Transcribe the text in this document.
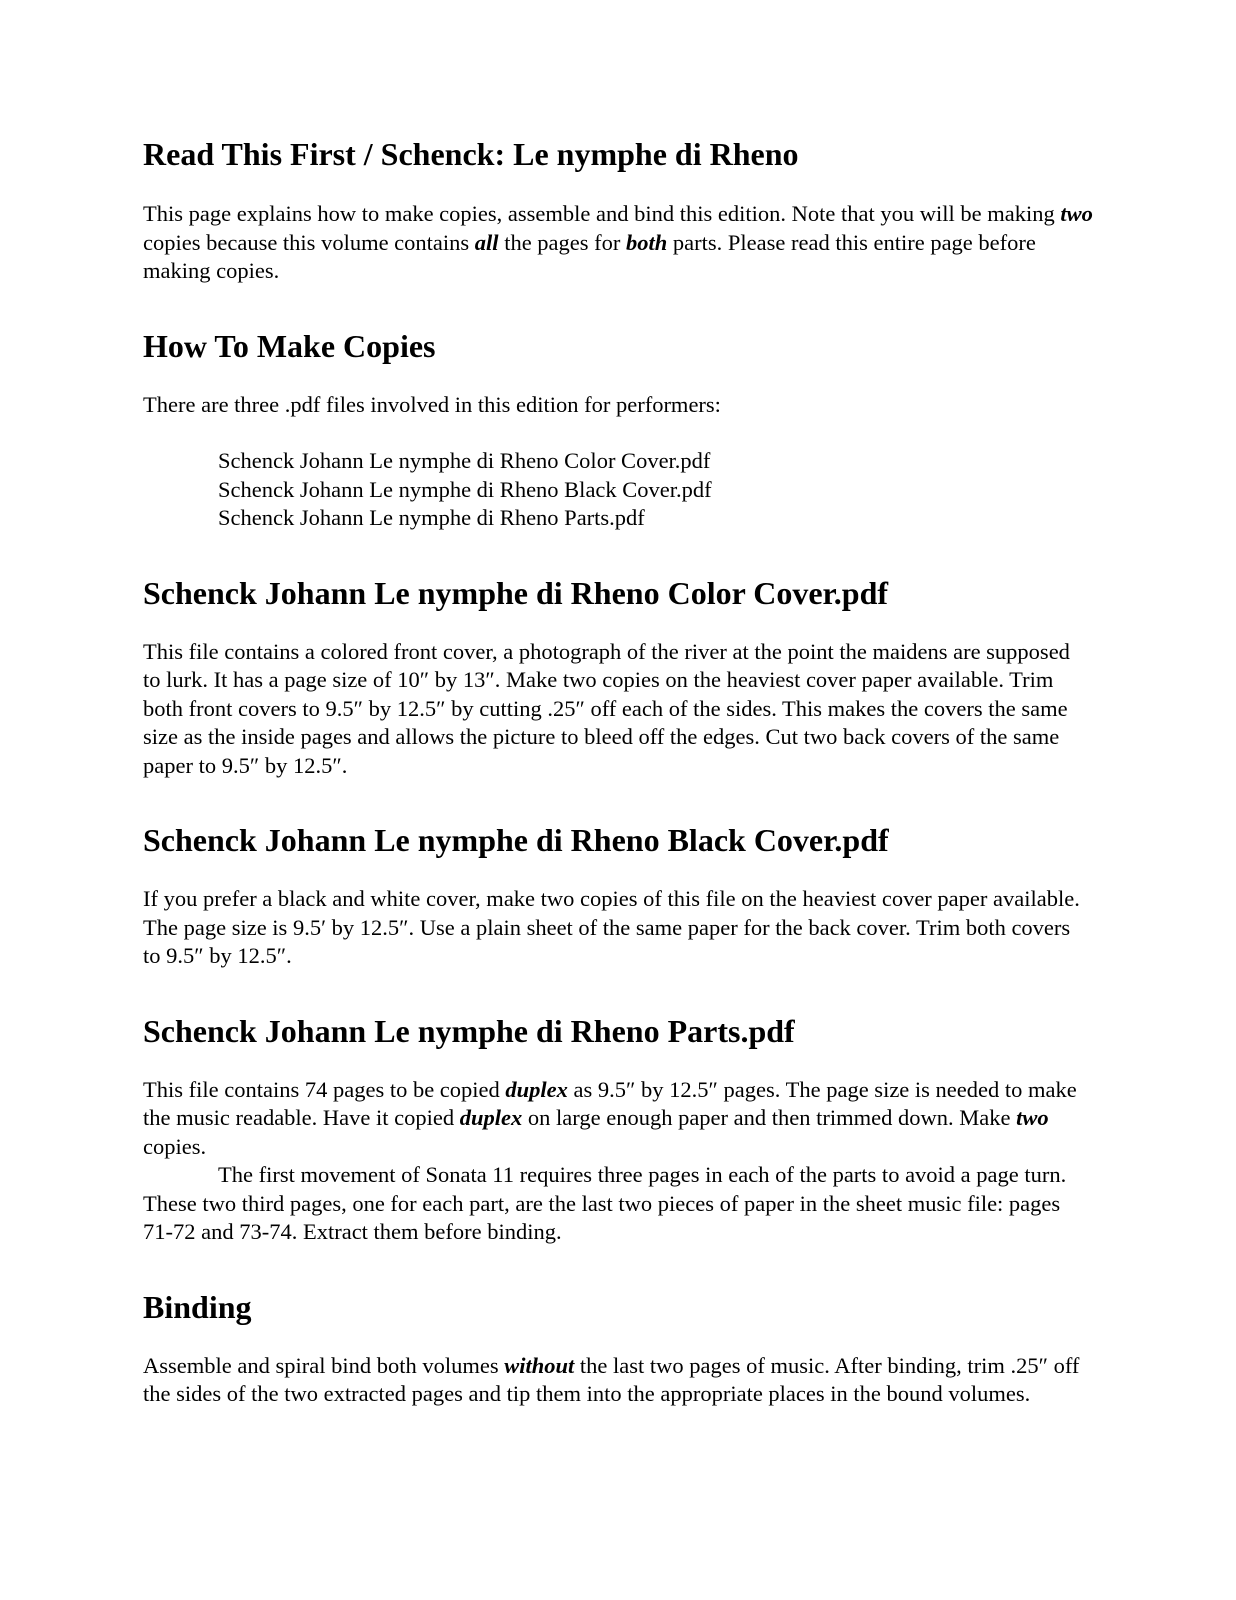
Read This First / Schenck: Le nymphe di Rheno

This page explains how to make copies, assemble and bind this edition. Note that you will be making two copies because this volume contains all the pages for both parts. Please read this entire page before making copies.

How To Make Copies

There are three .pdf files involved in this edition for performers:

Schenck Johann Le nymphe di Rheno Color Cover.pdf
Schenck Johann Le nymphe di Rheno Black Cover.pdf
Schenck Johann Le nymphe di Rheno Parts.pdf
Schenck Johann Le nymphe di Rheno Color Cover.pdf

This file contains a colored front cover, a photograph of the river at the point the maidens are supposed to lurk. It has a page size of 10″ by 13″. Make two copies on the heaviest cover paper available. Trim both front covers to 9.5″ by 12.5″ by cutting .25″ off each of the sides. This makes the covers the same size as the inside pages and allows the picture to bleed off the edges. Cut two back covers of the same paper to 9.5″ by 12.5″.

Schenck Johann Le nymphe di Rheno Black Cover.pdf

If you prefer a black and white cover, make two copies of this file on the heaviest cover paper available. The page size is 9.5′ by 12.5″. Use a plain sheet of the same paper for the back cover. Trim both covers to 9.5″ by 12.5″.

Schenck Johann Le nymphe di Rheno Parts.pdf

This file contains 74 pages to be copied duplex as 9.5″ by 12.5″ pages. The page size is needed to make the music readable. Have it copied duplex on large enough paper and then trimmed down. Make two copies.

The first movement of Sonata 11 requires three pages in each of the parts to avoid a page turn. These two third pages, one for each part, are the last two pieces of paper in the sheet music file: pages 71-72 and 73-74. Extract them before binding.

Binding

Assemble and spiral bind both volumes without the last two pages of music. After binding, trim .25″ off the sides of the two extracted pages and tip them into the appropriate places in the bound volumes.
